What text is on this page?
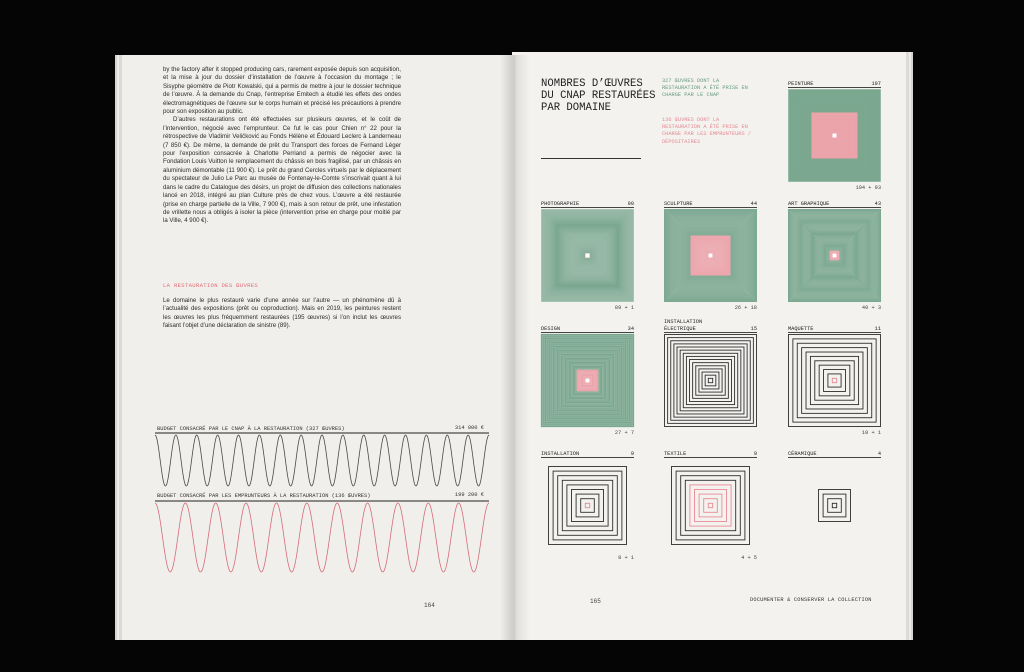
by the factory after it stopped producing cars, rarement exposée depuis son acquisition, et la mise à jour du dossier d’installation de l’œuvre à l’occasion du montage ; le Sisyphe géomètre de Piotr Kowalski, qui a permis de mettre à jour le dossier technique de l’œuvre. À la demande du Cnap, l’entreprise Emitech a étudié les effets des ondes électromagnétiques de l’œuvre sur le corps humain et précisé les précautions à prendre pour son exposition au public.

D’autres restaurations ont été effectuées sur plusieurs œuvres, et le coût de l’intervention, négocié avec l’emprunteur. Ce fut le cas pour Chien n° 22 pour la rétrospective de Vladimir Veličković au Fonds Hélène et Édouard Leclerc à Landerneau (7 850 €). De même, la demande de prêt du Transport des forces de Fernand Léger pour l’exposition consacrée à Charlotte Perriand a permis de négocier avec la Fondation Louis Vuitton le remplacement du châssis en bois fragilisé, par un châssis en aluminium démontable (11 900 €). Le prêt du grand Cercles virtuels par le déplacement du spectateur de Julio Le Parc au musée de Fontenay-le-Comte s’inscrivait quant à lui dans le cadre du Catalogue des désirs, un projet de diffusion des collections nationales lancé en 2018, intégré au plan Culture près de chez vous. L’œuvre a été restaurée (prise en charge partielle de la Ville, 7 900 €), mais à son retour de prêt, une infestation de vrillette nous a obligés à isoler la pièce (intervention prise en charge pour moitié par la Ville, 4 900 €).

LA RESTAURATION DES ŒUVRES

Le domaine le plus restauré varie d’une année sur l’autre — un phénomène dû à l’actualité des expositions (prêt ou coproduction). Mais en 2019, les peintures restent les œuvres les plus fréquemment restaurées (195 œuvres) si l’on inclut les œuvres faisant l’objet d’une déclaration de sinistre (89).

BUDGET CONSACRÉ PAR LE CNAP À LA RESTAURATION (327 ŒUVRES)	314 000 €
BUDGET CONSACRÉ PAR LES EMPRUNTEURS À LA RESTAURATION (136 ŒUVRES)	199 200 €
164
NOMBRES D’ŒUVRES DU CNAP RESTAURÉES PAR DOMAINE
327 ŒUVRES DONT LA RESTAURATION A ÉTÉ PRISE EN CHARGE PAR LE CNAP
136 ŒUVRES DONT LA RESTAURATION A ÉTÉ PRISE EN CHARGE PAR LES EMPRUNTEURS / DÉPOSITAIRES
PEINTURE	197
104 + 93
PHOTOGRAPHIE	90
89 + 1
SCULPTURE	44
26 + 18
ART GRAPHIQUE	43
40 + 3
DESIGN	34
27 + 7
INSTALLATION
ÉLECTRIQUE	15	MAQUETTE	11
10 + 1
INSTALLATION	9
8 + 1
TEXTILE	9
4 + 5
CÉRAMIQUE	4
165	DOCUMENTER & CONSERVER LA COLLECTION
